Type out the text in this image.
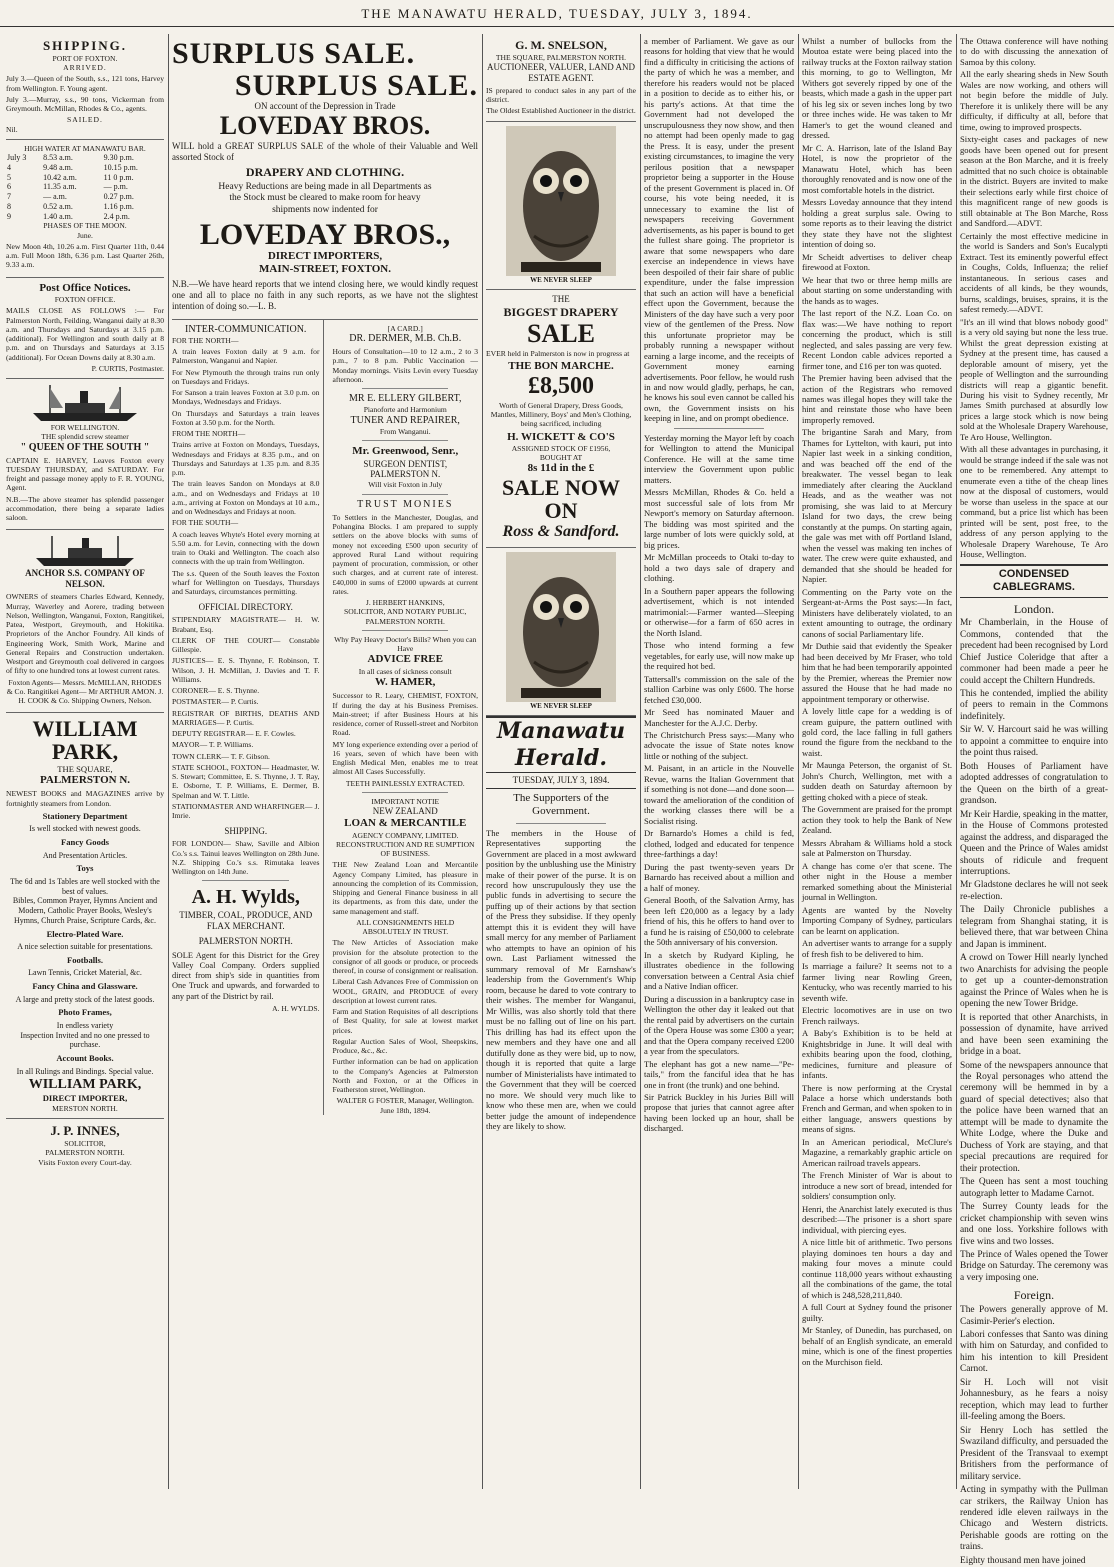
THE MANAWATU HERALD, TUESDAY, JULY 3, 1894.
SHIPPING.
PORT OF FOXTON.
ARRIVED.

July 3.—Queen of the South, s.s., 121 tons, Harvey from Wellington. F. Young agent.

July 3.—Murray, s.s., 90 tons, Vickerman from Greymouth. McMillan, Rhodes & Co., agents.

SAILED.
Nil.
HIGH WATER AT MANAWATU BAR.
July 3	8.53 a.m.	9.30 p.m.
4	9.48 a.m.	10.15 p.m.
5	10.42 a.m.	11 0 p.m.
6	11.35 a.m.	— p.m.
7	— a.m.	0.27 p.m.
8	0.52 a.m.	1.16 p.m.
9	1.40 a.m.	2.4 p.m.
PHASES OF THE MOON.
June.

New Moon 4th, 10.26 a.m. First Quarter 11th, 0.44 a.m. Full Moon 18th, 6.36 p.m. Last Quarter 26th, 9.33 a.m.

Post Office Notices.
FOXTON OFFICE.

MAILS CLOSE AS FOLLOWS :— For Palmerston North, Feilding, Wanganui daily at 8.30 a.m. and Thursdays and Saturdays at 3.15 p.m. (additional). For Wellington and south daily at 8 p.m. and on Thursdays and Saturdays at 3.15 (additional). For Ocean Downs daily at 8.30 a.m.

P. CURTIS, Postmaster.
FOR WELLINGTON.
THE splendid screw steamer
" QUEEN OF THE SOUTH "

CAPTAIN E. HARVEY, Leaves Foxton every TUESDAY THURSDAY, and SATURDAY. For freight and passage money apply to F. R. YOUNG, Agent.

N.B.—The above steamer has splendid passenger accommodation, there being a separate ladies saloon.

ANCHOR S.S. COMPANY OF NELSON.

OWNERS of steamers Charles Edward, Kennedy, Murray, Waverley and Aorere, trading between Nelson, Wellington, Wanganui, Foxton, Rangitikei, Patea, Westport, Greymouth, and Hokitika. Proprietors of the Anchor Foundry. All kinds of Engineering Work, Smith Work, Marine and General Repairs and Construction undertaken. Westport and Greymouth coal delivered in cargoes of fifty to one hundred tons at lowest current rates.

Foxton Agents— Messrs. McMILLAN, RHODES & Co. Rangitikei Agent— Mr ARTHUR AMON. J. H. COOK & Co. Shipping Owners, Nelson.

WILLIAM PARK,
THE SQUARE,
PALMERSTON N.

NEWEST BOOKS and MAGAZINES arrive by fortnightly steamers from London.

Stationery Department
Is well stocked with newest goods.
Fancy Goods
And Presentation Articles.
Toys
The 6d and 1s Tables are well stocked with the best of values.
Bibles, Common Prayer, Hymns Ancient and Modern, Catholic Prayer Books, Wesley's Hymns, Church Praise, Scripture Cards, &c.
Electro-Plated Ware.
A nice selection suitable for presentations.
Footballs.
Lawn Tennis, Cricket Material, &c.
Fancy China and Glassware.
A large and pretty stock of the latest goods.
Photo Frames,
In endless variety
Inspection Invited and no one pressed to purchase.
Account Books.
In all Rulings and Bindings. Special value.
WILLIAM PARK,
DIRECT IMPORTER,
MERSTON NORTH.
J. P. INNES,
SOLICITOR,
PALMERSTON NORTH.
Visits Foxton every Court-day.
SURPLUS SALE.
SURPLUS SALE.
ON account of the Depression in Trade
LOVEDAY BROS.

WILL hold a GREAT SURPLUS SALE of the whole of their Valuable and Well assorted Stock of

DRAPERY AND CLOTHING.

Heavy Reductions are being made in all Departments as the Stock must be cleared to make room for heavy shipments now indented for

LOVEDAY BROS.,
DIRECT IMPORTERS,
MAIN-STREET, FOXTON.

N.B.—We have heard reports that we intend closing here, we would kindly request one and all to place no faith in any such reports, as we have not the slightest intention of doing so.—L. B.

INTER-COMMUNICATION.
FOR THE NORTH—

A train leaves Foxton daily at 9 a.m. for Palmerston, Wanganui and Napier.

For New Plymouth the through trains run only on Tuesdays and Fridays.

For Sanson a train leaves Foxton at 3.0 p.m. on Mondays, Wednesdays and Fridays.

On Thursdays and Saturdays a train leaves Foxton at 3.50 p.m. for the North.

FROM THE NORTH—

Trains arrive at Foxton on Mondays, Tuesdays, Wednesdays and Fridays at 8.35 p.m., and on Thursdays and Saturdays at 1.35 p.m. and 8.35 p.m.

The train leaves Sandon on Mondays at 8.0 a.m., and on Wednesdays and Fridays at 10 a.m., arriving at Foxton on Mondays at 10 a.m., and on Wednesdays and Fridays at noon.

FOR THE SOUTH—

A coach leaves Whyte's Hotel every morning at 5.50 a.m. for Levin, connecting with the down train to Otaki and Wellington. The coach also connects with the up train from Wellington.

The s.s. Queen of the South leaves the Foxton wharf for Wellington on Tuesdays, Thursdays and Saturdays, circumstances permitting.

OFFICIAL DIRECTORY.

STIPENDIARY MAGISTRATE— H. W. Brabant, Esq.

CLERK OF THE COURT— Constable Gillespie.

JUSTICES— E. S. Thynne, F. Robinson, T. Wilson, J. H. McMillan, J. Davies and T. F. Williams.

CORONER— E. S. Thynne.

POSTMASTER— P. Curtis.

REGISTRAR OF BIRTHS, DEATHS AND MARRIAGES— P. Curtis.

DEPUTY REGISTRAR— E. F. Cowles.

MAYOR— T. P. Williams.

TOWN CLERK— T. F. Gibson.

STATE SCHOOL, FOXTON— Headmaster, W. S. Stewart; Committee, E. S. Thynne, J. T. Ray, E. Osborne, T. P. Williams, E. Dermer, B. Spelman and W. T. Little.

STATIONMASTER AND WHARFINGER— J. Imrie.

SHIPPING.

FOR LONDON— Shaw, Saville and Albion Co.'s s.s. Tainui leaves Wellington on 28th June. N.Z. Shipping Co.'s s.s. Rimutaka leaves Wellington on 14th June.

A. H. Wylds,
TIMBER, COAL, PRODUCE, AND FLAX MERCHANT.
PALMERSTON NORTH.

SOLE Agent for this District for the Grey Valley Coal Company. Orders supplied direct from ship's side in quantities from One Truck and upwards, and forwarded to any part of the District by rail.

A. H. WYLDS.
[A CARD.]
DR. DERMER, M.B. Ch.B.

Hours of Consultation—10 to 12 a.m., 2 to 3 p.m., 7 to 8 p.m. Public Vaccination — Monday mornings. Visits Levin every Tuesday afternoon.

MR E. ELLERY GILBERT,
Pianoforte and Harmonium
TUNER AND REPAIRER,
From Wanganui.
Mr. Greenwood, Senr.,
SURGEON DENTIST,
PALMERSTON N.
Will visit Foxton in July
TRUST MONIES

To Settlers in the Manchester, Douglas, and Pohangina Blocks. I am prepared to supply settlers on the above blocks with sums of money not exceeding £500 upon security of approved Rural Land without requiring payment of procuration, commission, or other such charges, and at current rate of interest. £40,000 in sums of £2000 upwards at current rates.

J. HERBERT HANKINS,
SOLICITOR, AND NOTARY PUBLIC, PALMERSTON NORTH.
Why Pay Heavy Doctor's Bills? When you can Have
ADVICE FREE
In all cases of sickness consult
W. HAMER,

Successor to R. Leary, CHEMIST, FOXTON, If during the day at his Business Premises. Main-street; if after Business Hours at his residence, corner of Russell-street and Norbiton Road.

MY long experience extending over a period of 16 years, seven of which have been with English Medical Men, enables me to treat almost All Cases Successfully.

TEETH PAINLESSLY EXTRACTED.
IMPORTANT NOTIE
NEW ZEALAND
LOAN & MERCANTILE
AGENCY COMPANY, LIMITED.
RECONSTRUCTION AND RE SUMPTION OF BUSINESS.

THE New Zealand Loan and Mercantile Agency Company Limited, has pleasure in announcing the completion of its Commission, Shipping and General Finance business in all its departments, as from this date, under the same management and staff.

ALL CONSIGNMENTS HELD ABSOLUTELY IN TRUST.

The New Articles of Association make provision for the absolute protection to the consignor of all goods or produce, or proceeds thereof, in course of consignment or realisation.

Liberal Cash Advances Free of Commission on WOOL, GRAIN, and PRODUCE of every description at lowest current rates.

Farm and Station Requisites of all descriptions of Best Quality, for sale at lowest market prices.

Regular Auction Sales of Wool, Sheepskins, Produce, &c., &c.

Further information can be had on application to the Company's Agencies at Palmerston North and Foxton, or at the Offices in Featherston street, Wellington.

WALTER G FOSTER, Manager, Wellington. June 18th, 1894.
G. M. SNELSON,
THE SQUARE, PALMERSTON NORTH.
AUCTIONEER, VALUER, LAND AND ESTATE AGENT.

IS prepared to conduct sales in any part of the district.

The Oldest Established Auctioneer in the district.
WE NEVER SLEEP
THE
BIGGEST DRAPERY
SALE

EVER held in Palmerston is now in progress at

THE BON MARCHE.
£8,500

Worth of General Drapery, Dress Goods, Mantles, Millinery, Boys' and Men's Clothing, being sacrificed, including

H. WICKETT & CO'S
ASSIGNED STOCK OF £1956,
BOUGHT AT
8s 11d in the £
SALE NOW ON
Ross & Sandford.
WE NEVER SLEEP
Manawatu Herald.
TUESDAY, JULY 3, 1894.
The Supporters of the Government.

The members in the House of Representatives supporting the Government are placed in a most awkward position by the unblushing use the Ministry make of their power of the purse. It is on record how unscrupulously they use the public funds in advertising to secure the puffing up of their actions by that section of the Press they subsidise. If they openly attempt this it is evident they will have small mercy for any member of Parliament who attempts to have an opinion of his own. Last Parliament witnessed the summary removal of Mr Earnshaw's leadership from the Government's Whip room, because he dared to vote contrary to their wishes. The member for Wanganui, Mr Willis, was also shortly told that there must be no falling out of line on his part. This drilling has had its effect upon the new members and they have one and all dutifully done as they were bid, up to now, though it is reported that quite a large number of Ministerialists have intimated to the Government that they will be coerced no more. We should very much like to know who these men are, when we could better judge the amount of independence they are likely to show.

a member of Parliament. We gave as our reasons for holding that view that he would find a difficulty in criticising the actions of the party of which he was a member, and therefore his readers would not be placed in a position to decide as to either his, or his party's actions. At that time the Government had not developed the unscrupulousness they now show, and then no attempt had been openly made to gag the Press. It is easy, under the present existing circumstances, to imagine the very perilous position that a newspaper proprietor being a supporter in the House of the present Government is placed in. Of course, his vote being needed, it is unnecessary to examine the list of newspapers receiving Government advertisements, as his paper is bound to get the fullest share going. The proprietor is aware that some newspapers who dare exercise an independence in views have been despoiled of their fair share of public expenditure, under the false impression that such an action will have a beneficial effect upon the Government, because the Ministers of the day have such a very poor view of the gentlemen of the Press. Now this unfortunate proprietor may be probably running a newspaper without earning a large income, and the receipts of Government money earning advertisements. Poor fellow, he would rush in and now would gladly, perhaps, he can, he knows his soul even cannot be called his own, the Government insists on his keeping in line, and on prompt obedience.

Yesterday morning the Mayor left by coach for Wellington to attend the Municipal Conference. He will at the same time interview the Government upon public matters.

Messrs McMillan, Rhodes & Co. held a most successful sale of lots from Mr Newport's memory on Saturday afternoon. The bidding was most spirited and the large number of lots were quickly sold, at big prices.

Mr McMillan proceeds to Otaki to-day to hold a two days sale of drapery and clothing.

In a Southern paper appears the following advertisement, which is not intended matrimonial:—Farmer wanted—Sleeping or otherwise—for a farm of 650 acres in the North Island.

Those who intend forming a few vegetables, for early use, will now make up the required hot bed.

Tattersall's commission on the sale of the stallion Carbine was only £600. The horse fetched £30,000.

Mr Seed has nominated Mauer and Manchester for the A.J.C. Derby.

The Christchurch Press says:—Many who advocate the issue of State notes know little or nothing of the subject.

M. Paisant, in an article in the Nouvelle Revue, warns the Italian Government that if something is not done—and done soon—toward the amelioration of the condition of the working classes there will be a Socialist rising.

Dr Barnardo's Homes a child is fed, clothed, lodged and educated for tenpence three-farthings a day!

During the past twenty-seven years Dr Barnardo has received about a million and a half of money.

General Booth, of the Salvation Army, has been left £20,000 as a legacy by a lady friend of his, this he offers to hand over to a fund he is raising of £50,000 to celebrate the 50th anniversary of his conversion.

In a sketch by Rudyard Kipling, he illustrates obedience in the following conversation between a Central Asia chief and a Native Indian officer.

During a discussion in a bankruptcy case in Wellington the other day it leaked out that the rental paid by advertisers on the curtain of the Opera House was some £300 a year; and that the Opera company received £200 a year from the speculators.

The elephant has got a new name—"Pe-tails," from the fanciful idea that he has one in front (the trunk) and one behind.

Sir Patrick Buckley in his Juries Bill will propose that juries that cannot agree after having been locked up an hour, shall be discharged.

Whilst a number of bullocks from the Moutoa estate were being placed into the railway trucks at the Foxton railway station this morning, to go to Wellington, Mr Withers got severely ripped by one of the beasts, which made a gash in the upper part of his leg six or seven inches long by two or three inches wide. He was taken to Mr Hamer's to get the wound cleaned and dressed.

Mr C. A. Harrison, late of the Island Bay Hotel, is now the proprietor of the Manawatu Hotel, which has been thoroughly renovated and is now one of the most comfortable hotels in the district.

Messrs Loveday announce that they intend holding a great surplus sale. Owing to some reports as to their leaving the district they state they have not the slightest intention of doing so.

Mr Scheidt advertises to deliver cheap firewood at Foxton.

We hear that two or three hemp mills are about starting on some understanding with the hands as to wages.

The last report of the N.Z. Loan Co. on flax was:—We have nothing to report concerning the product, which is still neglected, and sales passing are very few. Recent London cable advices reported a firmer tone, and £16 per ton was quoted.

The Premier having been advised that the action of the Registrars who removed names was illegal hopes they will take the hint and reinstate those who have been improperly removed.

The brigantine Sarah and Mary, from Thames for Lyttelton, with kauri, put into Napier last week in a sinking condition, and was beached off the end of the breakwater. The vessel began to leak immediately after clearing the Auckland Heads, and as the weather was not promising, she was laid to at Mercury Island for two days, the crew being constantly at the pumps. On starting again, the gale was met with off Portland Island, when the vessel was making ten inches of water. The crew were quite exhausted, and demanded that she should be headed for Napier.

Commenting on the Party vote on the Sergeant-at-Arms the Post says:—In fact, Ministers have deliberately violated, to an extent amounting to outrage, the ordinary canons of social Parliamentary life.

Mr Duthie said that evidently the Speaker had been deceived by Mr Fraser, who told him that he had been temporarily appointed by the Premier, whereas the Premier now assured the House that he had made no appointment temporary or otherwise.

A lovely little cape for a wedding is of cream guipure, the pattern outlined with gold cord, the lace falling in full gathers round the figure from the neckband to the waist.

Mr Maunga Peterson, the organist of St. John's Church, Wellington, met with a sudden death on Saturday afternoon by getting choked with a piece of steak.

The Government are praised for the prompt action they took to help the Bank of New Zealand.

Messrs Abraham & Williams hold a stock sale at Palmerston on Thursday.

A change has come o'er that scene. The other night in the House a member remarked something about the Ministerial journal in Wellington.

Agents are wanted by the Novelty Importing Company of Sydney, particulars can be learnt on application.

An advertiser wants to arrange for a supply of fresh fish to be delivered to him.

Is marriage a failure? It seems not to a farmer living near Rowling Green, Kentucky, who was recently married to his seventh wife.

Electric locomotives are in use on two French railways.

A Baby's Exhibition is to be held at Knightsbridge in June. It will deal with exhibits bearing upon the food, clothing, medicines, furniture and pleasure of infants.

There is now performing at the Crystal Palace a horse which understands both French and German, and when spoken to in either language, answers questions by means of signs.

In an American periodical, McClure's Magazine, a remarkably graphic article on American railroad travels appears.

The French Minister of War is about to introduce a new sort of bread, intended for soldiers' consumption only.

Henri, the Anarchist lately executed is thus described:—The prisoner is a short spare individual, with piercing eyes.

A nice little bit of arithmetic. Two persons playing dominoes ten hours a day and making four moves a minute could continue 118,000 years without exhausting all the combinations of the game, the total of which is 248,528,211,840.

A full Court at Sydney found the prisoner guilty.

Mr Stanley, of Dunedin, has purchased, on behalf of an English syndicate, an emerald mine, which is one of the finest properties on the Murchison field.

The Ottawa conference will have nothing to do with discussing the annexation of Samoa by this colony.

All the early shearing sheds in New South Wales are now working, and others will not begin before the middle of July. Therefore it is unlikely there will be any difficulty, if difficulty at all, before that time, owing to improved prospects.

Sixty-eight cases and packages of new goods have been opened out for present season at the Bon Marche, and it is freely admitted that no such choice is obtainable in the district. Buyers are invited to make their selections early while first choice of this magnificent range of new goods is still obtainable at The Bon Marche, Ross and Sandford.—ADVT.

Certainly the most effective medicine in the world is Sanders and Son's Eucalypti Extract. Test its eminently powerful effect in Coughs, Colds, Influenza; the relief instantaneous. In serious cases and accidents of all kinds, be they wounds, burns, scaldings, bruises, sprains, it is the safest remedy.—ADVT.

"It's an ill wind that blows nobody good" is a very old saying but none the less true. Whilst the great depression existing at Sydney at the present time, has caused a deplorable amount of misery, yet the people of Wellington and the surrounding districts will reap a gigantic benefit. During his visit to Sydney recently, Mr James Smith purchased at absurdly low prices a large stock which is now being sold at the Wholesale Drapery Warehouse, Te Aro House, Wellington.

With all these advantages in purchasing, it would be strange indeed if the sale was not one to be remembered. Any attempt to enumerate even a tithe of the cheap lines now at the disposal of customers, would be worse than useless in the space at our command, but a price list which has been printed will be sent, post free, to the address of any person applying to the Wholesale Drapery Warehouse, Te Aro House, Wellington.

CONDENSED CABLEGRAMS.
London.

Mr Chamberlain, in the House of Commons, contended that the precedent had been recognised by Lord Chief Justice Coleridge that after a commoner had been made a peer he could accept the Chiltern Hundreds.

This he contended, implied the ability of peers to remain in the Commons indefinitely.

Sir W. V. Harcourt said he was willing to appoint a committee to enquire into the point thus raised.

Both Houses of Parliament have adopted addresses of congratulation to the Queen on the birth of a great-grandson.

Mr Keir Hardie, speaking in the matter, in the House of Commons protested against the address, and disparaged the Queen and the Prince of Wales amidst shouts of ridicule and frequent interruptions.

Mr Gladstone declares he will not seek re-election.

The Daily Chronicle publishes a telegram from Shanghai stating, it is believed there, that war between China and Japan is imminent.

A crowd on Tower Hill nearly lynched two Anarchists for advising the people to get up a counter-demonstration against the Prince of Wales when he is opening the new Tower Bridge.

It is reported that other Anarchists, in possession of dynamite, have arrived and have been seen examining the bridge in a boat.

Some of the newspapers announce that the Royal personages who attend the ceremony will be hemmed in by a guard of special detectives; also that the police have been warned that an attempt will be made to dynamite the White Lodge, where the Duke and Duchess of York are staying, and that special precautions are required for their protection.

The Queen has sent a most touching autograph letter to Madame Carnot.

The Surrey County leads for the cricket championship with seven wins and one loss. Yorkshire follows with five wins and two losses.

The Prince of Wales opened the Tower Bridge on Saturday. The ceremony was a very imposing one.

Foreign.

The Powers generally approve of M. Casimir-Perier's election.

Labori confesses that Santo was dining with him on Saturday, and confided to him his intention to kill President Carnot.

Sir H. Loch will not visit Johannesbury, as he fears a noisy reception, which may lead to further ill-feeling among the Boers.

Sir Henry Loch has settled the Swaziland difficulty, and persuaded the President of the Transvaal to exempt Britishers from the performance of military service.

Acting in sympathy with the Pullman car strikers, the Railway Union has rendered idle eleven railways in the Chicago and Western districts. Perishable goods are rotting on the trains.

Eighty thousand men have joined
